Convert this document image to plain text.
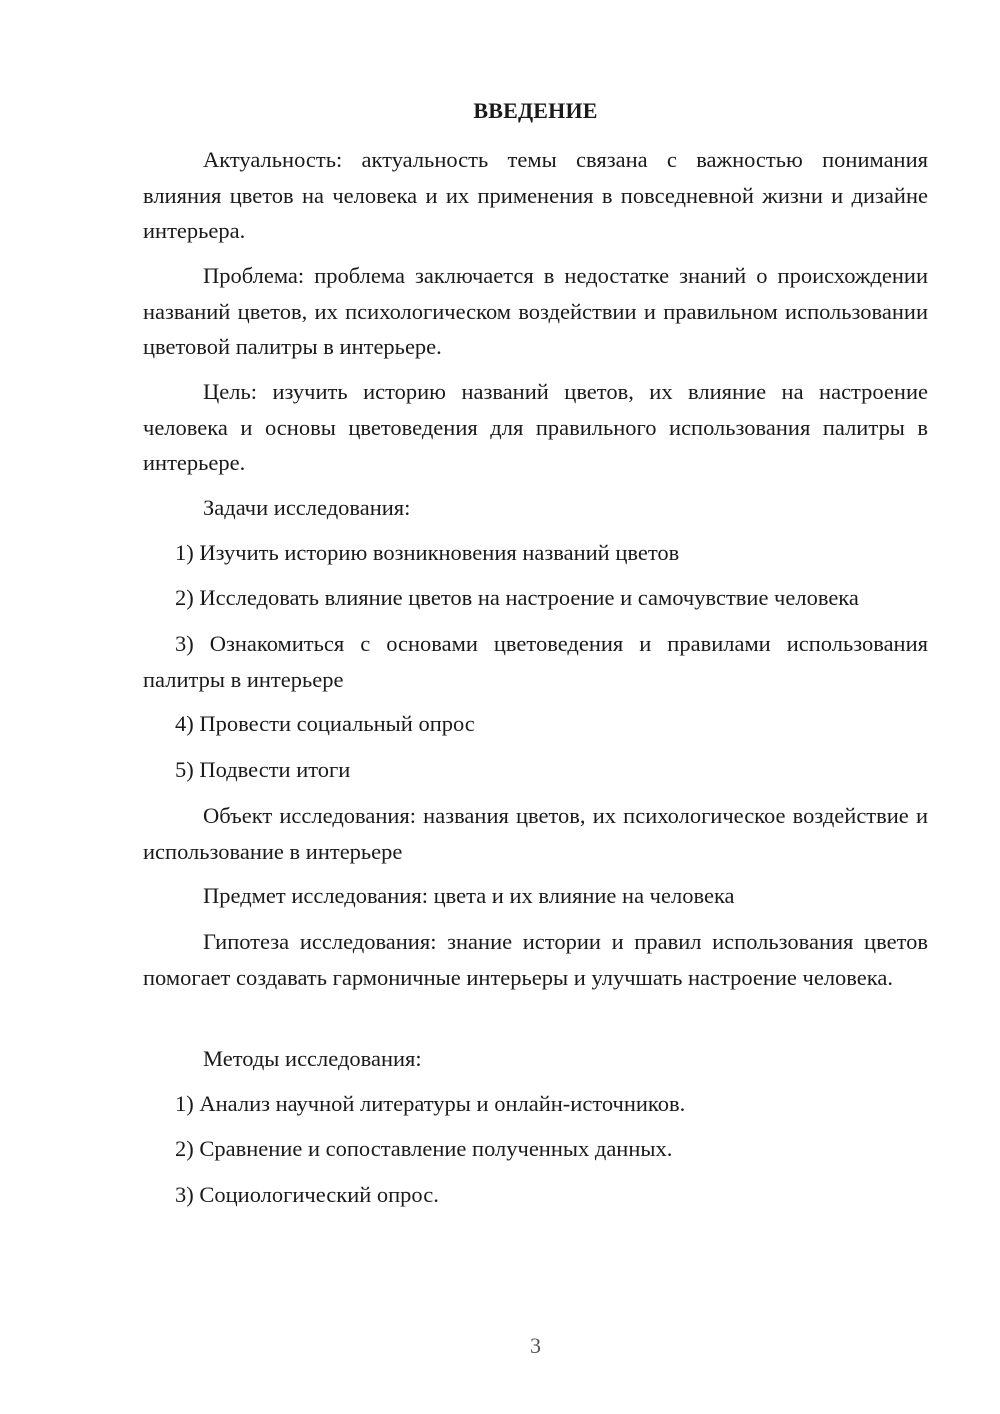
ВВЕДЕНИЕ

Актуальность: актуальность темы связана с важностью понимания влияния цветов на человека и их применения в повседневной жизни и дизайне интерьера.

Проблема: проблема заключается в недостатке знаний о происхождении названий цветов, их психологическом воздействии и правильном использовании цветовой палитры в интерьере.

Цель: изучить историю названий цветов, их влияние на настроение человека и основы цветоведения для правильного использования палитры в интерьере.

Задачи исследования:

1) Изучить историю возникновения названий цветов

2) Исследовать влияние цветов на настроение и самочувствие человека

3) Ознакомиться с основами цветоведения и правилами использования палитры в интерьере

4) Провести социальный опрос

5) Подвести итоги

Объект исследования: названия цветов, их психологическое воздействие и использование в интерьере

Предмет исследования: цвета и их влияние на человека

Гипотеза исследования: знание истории и правил использования цветов помогает создавать гармоничные интерьеры и улучшать настроение человека.

Методы исследования:

1) Анализ научной литературы и онлайн-источников.

2) Сравнение и сопоставление полученных данных.

3) Социологический опрос.

3
